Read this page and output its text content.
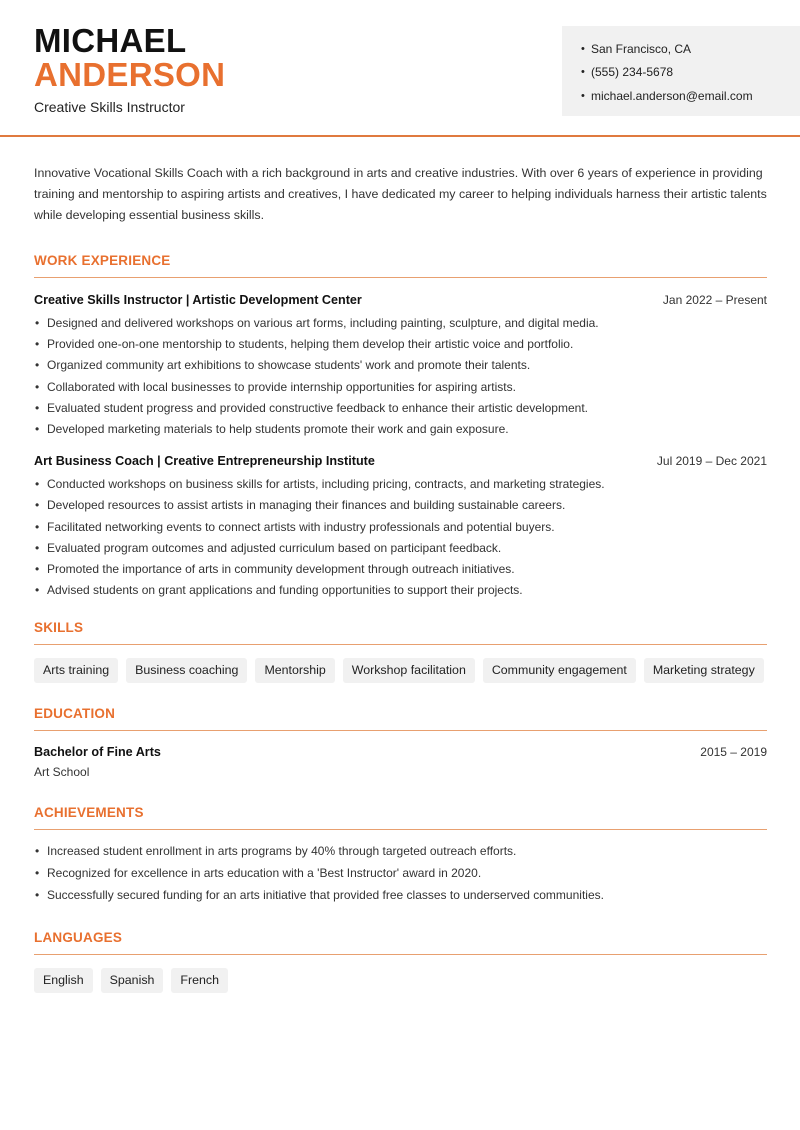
MICHAEL
ANDERSON
Creative Skills Instructor
• San Francisco, CA
• (555) 234-5678
• michael.anderson@email.com

Innovative Vocational Skills Coach with a rich background in arts and creative industries. With over 6 years of experience in providing training and mentorship to aspiring artists and creatives, I have dedicated my career to helping individuals harness their artistic talents while developing essential business skills.

WORK EXPERIENCE
Creative Skills Instructor | Artistic Development Center	Jan 2022 – Present
• Designed and delivered workshops on various art forms, including painting, sculpture, and digital media.
• Provided one-on-one mentorship to students, helping them develop their artistic voice and portfolio.
• Organized community art exhibitions to showcase students' work and promote their talents.
• Collaborated with local businesses to provide internship opportunities for aspiring artists.
• Evaluated student progress and provided constructive feedback to enhance their artistic development.
• Developed marketing materials to help students promote their work and gain exposure.
Art Business Coach | Creative Entrepreneurship Institute	Jul 2019 – Dec 2021
• Conducted workshops on business skills for artists, including pricing, contracts, and marketing strategies.
• Developed resources to assist artists in managing their finances and building sustainable careers.
• Facilitated networking events to connect artists with industry professionals and potential buyers.
• Evaluated program outcomes and adjusted curriculum based on participant feedback.
• Promoted the importance of arts in community development through outreach initiatives.
• Advised students on grant applications and funding opportunities to support their projects.
SKILLS
Arts training	Business coaching	Mentorship	Workshop facilitation	Community engagement	Marketing strategy
EDUCATION
Bachelor of Fine Arts	2015 – 2019
Art School
ACHIEVEMENTS
• Increased student enrollment in arts programs by 40% through targeted outreach efforts.
• Recognized for excellence in arts education with a 'Best Instructor' award in 2020.
• Successfully secured funding for an arts initiative that provided free classes to underserved communities.
LANGUAGES
English	Spanish	French
